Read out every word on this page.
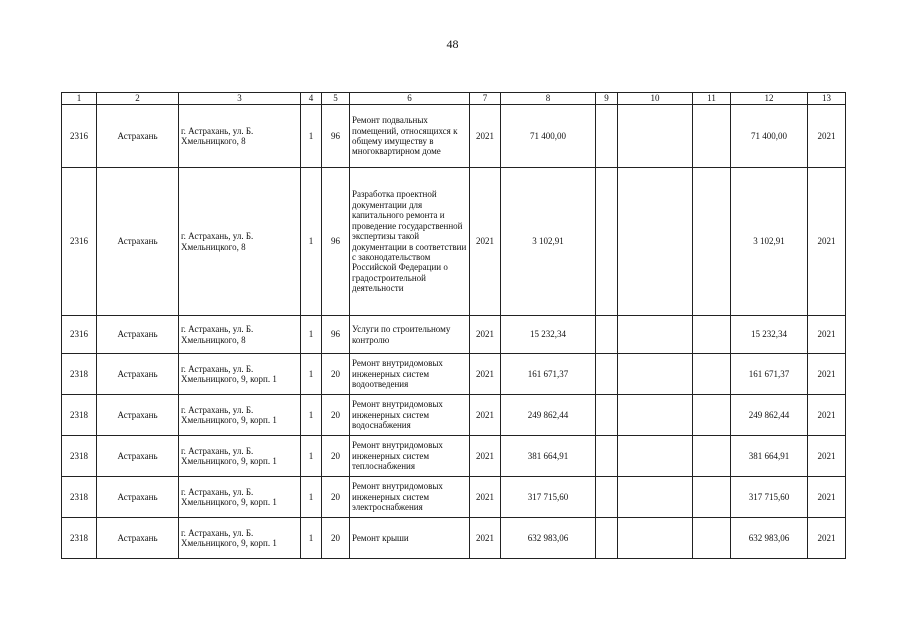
48
1	2	3	4	5	6	7	8	9	10	11	12	13
2316	Астрахань	г. Астрахань, ул. Б. Хмельницкого, 8	1	96	Ремонт подвальных помещений, относящихся к общему имуществу в многоквартирном доме	2021	71 400,00				71 400,00	2021
2316	Астрахань	г. Астрахань, ул. Б. Хмельницкого, 8	1	96	Разработка проектной документации для капитального ремонта и проведение государственной экспертизы такой документации в соответствии с законодательством Российской Федерации о градостроительной деятельности	2021	3 102,91				3 102,91	2021
2316	Астрахань	г. Астрахань, ул. Б. Хмельницкого, 8	1	96	Услуги по строительному контролю	2021	15 232,34				15 232,34	2021
2318	Астрахань	г. Астрахань, ул. Б. Хмельницкого, 9, корп. 1	1	20	Ремонт внутридомовых инженерных систем водоотведения	2021	161 671,37				161 671,37	2021
2318	Астрахань	г. Астрахань, ул. Б. Хмельницкого, 9, корп. 1	1	20	Ремонт внутридомовых инженерных систем водоснабжения	2021	249 862,44				249 862,44	2021
2318	Астрахань	г. Астрахань, ул. Б. Хмельницкого, 9, корп. 1	1	20	Ремонт внутридомовых инженерных систем теплоснабжения	2021	381 664,91				381 664,91	2021
2318	Астрахань	г. Астрахань, ул. Б. Хмельницкого, 9, корп. 1	1	20	Ремонт внутридомовых инженерных систем электроснабжения	2021	317 715,60				317 715,60	2021
2318	Астрахань	г. Астрахань, ул. Б. Хмельницкого, 9, корп. 1	1	20	Ремонт крыши	2021	632 983,06				632 983,06	2021
